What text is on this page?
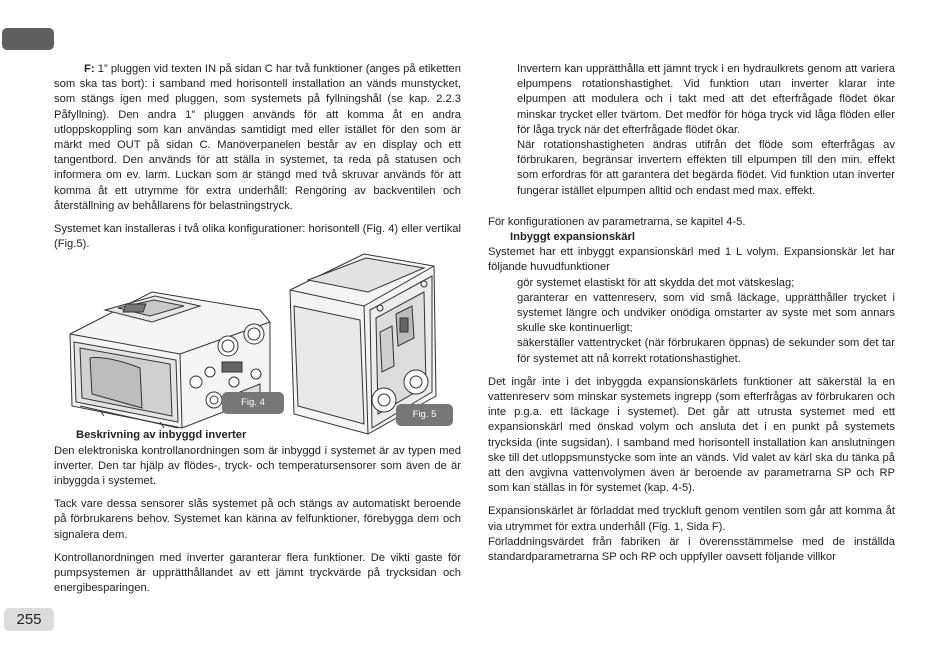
F: 1” pluggen vid texten IN på sidan C har två funktioner (anges på etiketten som ska tas bort): i samband med horisontell installation an vänds munstycket, som stängs igen med pluggen, som systemets på fyllningshål (se kap. 2.2.3 Påfyllning). Den andra 1” pluggen används för att komma åt en andra utloppskoppling som kan användas samtidigt med eller istället för den som är märkt med OUT på sidan C. Manöverpanelen består av en display och ett tangentbord. Den används för att ställa in systemet, ta reda på statusen och informera om ev. larm. Luckan som är stängd med två skruvar används för att komma åt ett utrymme för extra underhåll: Rengöring av backventilen och återställning av behållarens för belastningstryck.

Systemet kan installeras i två olika konfigurationer: horisontell (Fig. 4) eller vertikal (Fig.5).

Fig. 4
Fig. 5

Beskrivning av inbyggd inverter

Den elektroniska kontrollanordningen som är inbyggd i systemet är av typen med inverter. Den tar hjälp av flödes-, tryck- och temperatursensorer som även de är inbyggda i systemet.

Tack vare dessa sensorer slås systemet på och stängs av automatiskt beroende på förbrukarens behov. Systemet kan känna av felfunktioner, förebygga dem och signalera dem.

Kontrollanordningen med inverter garanterar flera funktioner. De vikti gaste för pumpsystemen är upprätthållandet av ett jämnt tryckvärde på trycksidan och energibesparingen.

Invertern kan upprätthålla ett jämnt tryck i en hydraulkrets genom att variera elpumpens rotationshastighet. Vid funktion utan inverter klarar inte elpumpen att modulera och i takt med att det efterfrågade flödet ökar minskar trycket eller tvärtom. Det medför för höga tryck vid låga flöden eller för låga tryck när det efterfrågade flödet ökar.

När rotationshastigheten ändras utifrån det flöde som efterfrågas av förbrukaren, begränsar invertern effekten till elpumpen till den min. effekt som erfordras för att garantera det begärda flödet. Vid funktion utan inverter fungerar istället elpumpen alltid och endast med max. effekt.

För konfigurationen av parametrarna, se kapitel 4-5.

Inbyggt expansionskärl

Systemet har ett inbyggt expansionskärl med 1 L volym. Expansionskär let har följande huvudfunktioner

gör systemet elastiskt för att skydda det mot vätskeslag;

garanterar en vattenreserv, som vid små läckage, upprätthåller trycket i systemet längre och undviker onödiga omstarter av syste met som annars skulle ske kontinuerligt;

säkerställer vattentrycket (när förbrukaren öppnas) de sekunder som det tar för systemet att nå korrekt rotationshastighet.

Det ingår inte i det inbyggda expansionskärlets funktioner att säkerstäl la en vattenreserv som minskar systemets ingrepp (som efterfrågas av förbrukaren och inte p.g.a. ett läckage i systemet). Det går att utrusta systemet med ett expansionskärl med önskad volym och ansluta det i en punkt på systemets trycksida (inte sugsidan). I samband med horisontell installation kan anslutningen ske till det utloppsmunstycke som inte an vänds. Vid valet av kärl ska du tänka på att den avgivna vattenvolymen även är beroende av parametrarna SP och RP som kan ställas in för systemet (kap. 4-5).

Expansionskärlet är förladdat med tryckluft genom ventilen som går att komma åt via utrymmet för extra underhåll (Fig. 1, Sida F).

Förladdningsvärdet från fabriken är i överensstämmelse med de inställda standardparametrarna SP och RP och uppfyller oavsett följande villkor

255
